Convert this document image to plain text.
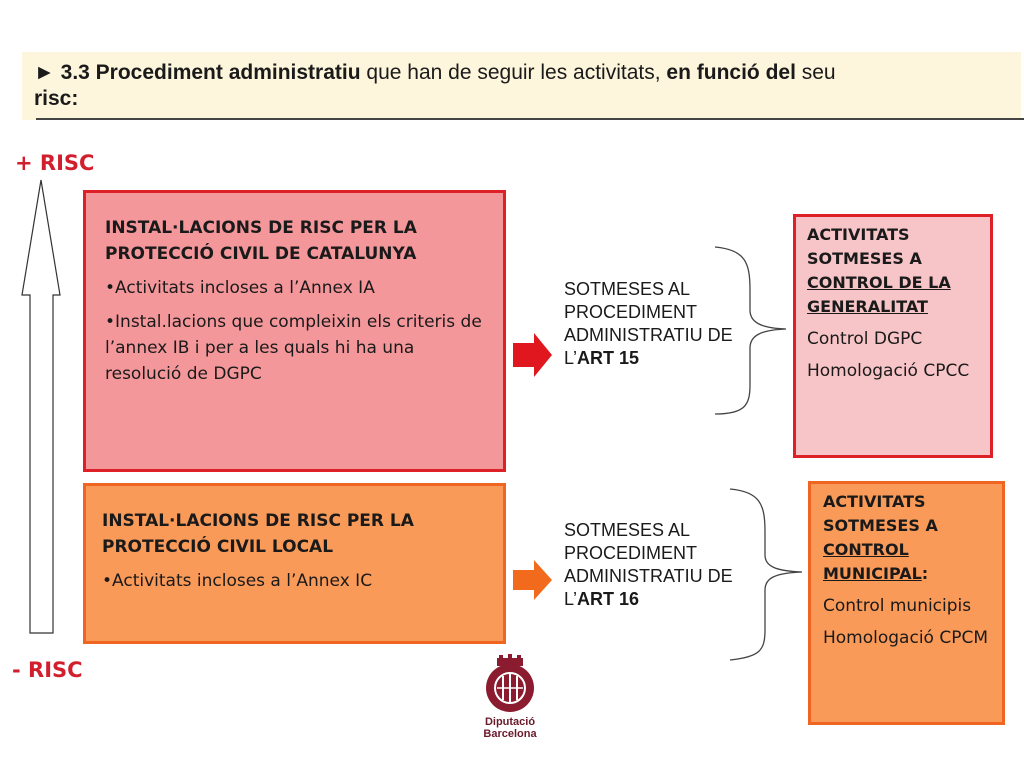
► 3.3 Procediment administratiu que han de seguir les activitats, en funció del seu
risc:
+ RISC
- RISC
INSTAL·LACIONS DE RISC PER LA PROTECCIÓ CIVIL DE CATALUNYA
•Activitats incloses a l’Annex IA
•Instal.lacions que compleixin els criteris de l’annex IB i per a les quals hi ha una resolució de DGPC
INSTAL·LACIONS DE RISC PER LA PROTECCIÓ CIVIL LOCAL
•Activitats incloses a l’Annex IC
SOTMESES AL PROCEDIMENT ADMINISTRATIU DE L’ART 15
SOTMESES AL PROCEDIMENT ADMINISTRATIU DE L’ART 16
ACTIVITATS SOTMESES A
CONTROL DE LA GENERALITAT
Control DGPC
Homologació CPCC
ACTIVITATS SOTMESES A
CONTROL MUNICIPAL:
Control municipis
Homologació CPCM
Diputació
Barcelona
